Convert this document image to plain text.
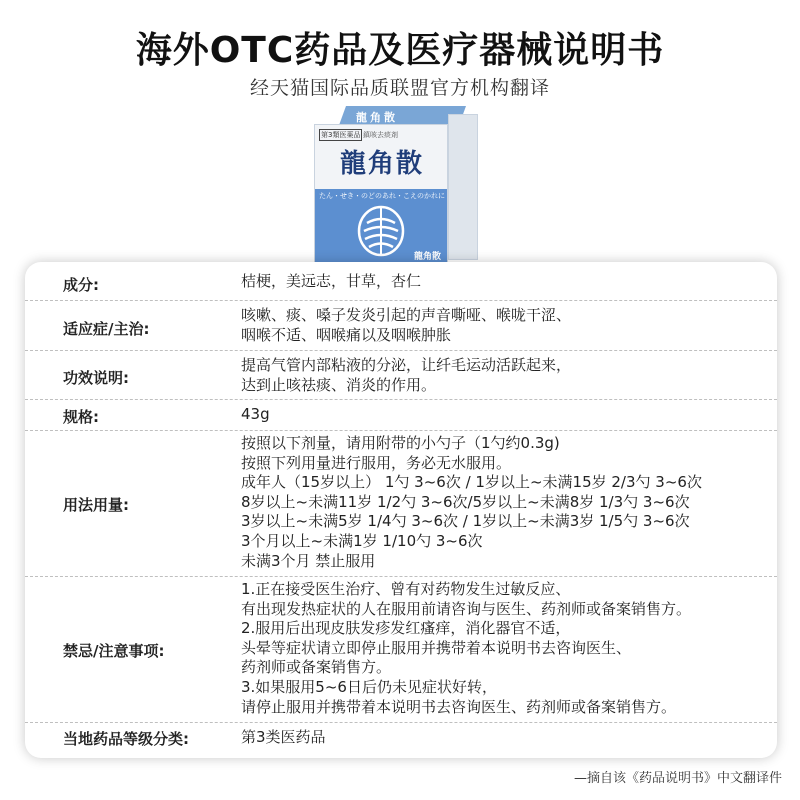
海外OTC药品及医疗器械说明书
经天猫国际品质联盟官方机构翻译
龍角散
第3類医薬品 鎮咳去痰剤
龍角散
たん・せき・のどのあれ・こえのかれに
龍角散
成分:	桔梗，美远志，甘草，杏仁
适应症/主治:
咳嗽、痰、嗓子发炎引起的声音嘶哑、喉咙干涩、
咽喉不适、咽喉痛以及咽喉肿胀
功效说明:
提高气管内部粘液的分泌，让纤毛运动活跃起来，
达到止咳祛痰、消炎的作用。
规格:	43g
用法用量:
按照以下剂量，请用附带的小勺子（1勺约0.3g)
按照下列用量进行服用，务必无水服用。
成年人（15岁以上） 1勺 3~6次 / 1岁以上~未满15岁 2/3勺 3~6次
8岁以上~未满11岁 1/2勺 3~6次/5岁以上~未满8岁 1/3勺 3~6次
3岁以上~未满5岁 1/4勺 3~6次 / 1岁以上~未满3岁 1/5勺 3~6次
3个月以上~未满1岁 1/10勺 3~6次
未满3个月 禁止服用
禁忌/注意事项:
1.正在接受医生治疗、曾有对药物发生过敏反应、
有出现发热症状的人在服用前请咨询与医生、药剂师或备案销售方。
2.服用后出现皮肤发疹发红瘙痒，消化器官不适，
头晕等症状请立即停止服用并携带着本说明书去咨询医生、
药剂师或备案销售方。
3.如果服用5~6日后仍未见症状好转，
请停止服用并携带着本说明书去咨询医生、药剂师或备案销售方。
当地药品等级分类:	第3类医药品
—摘自该《药品说明书》中文翻译件
